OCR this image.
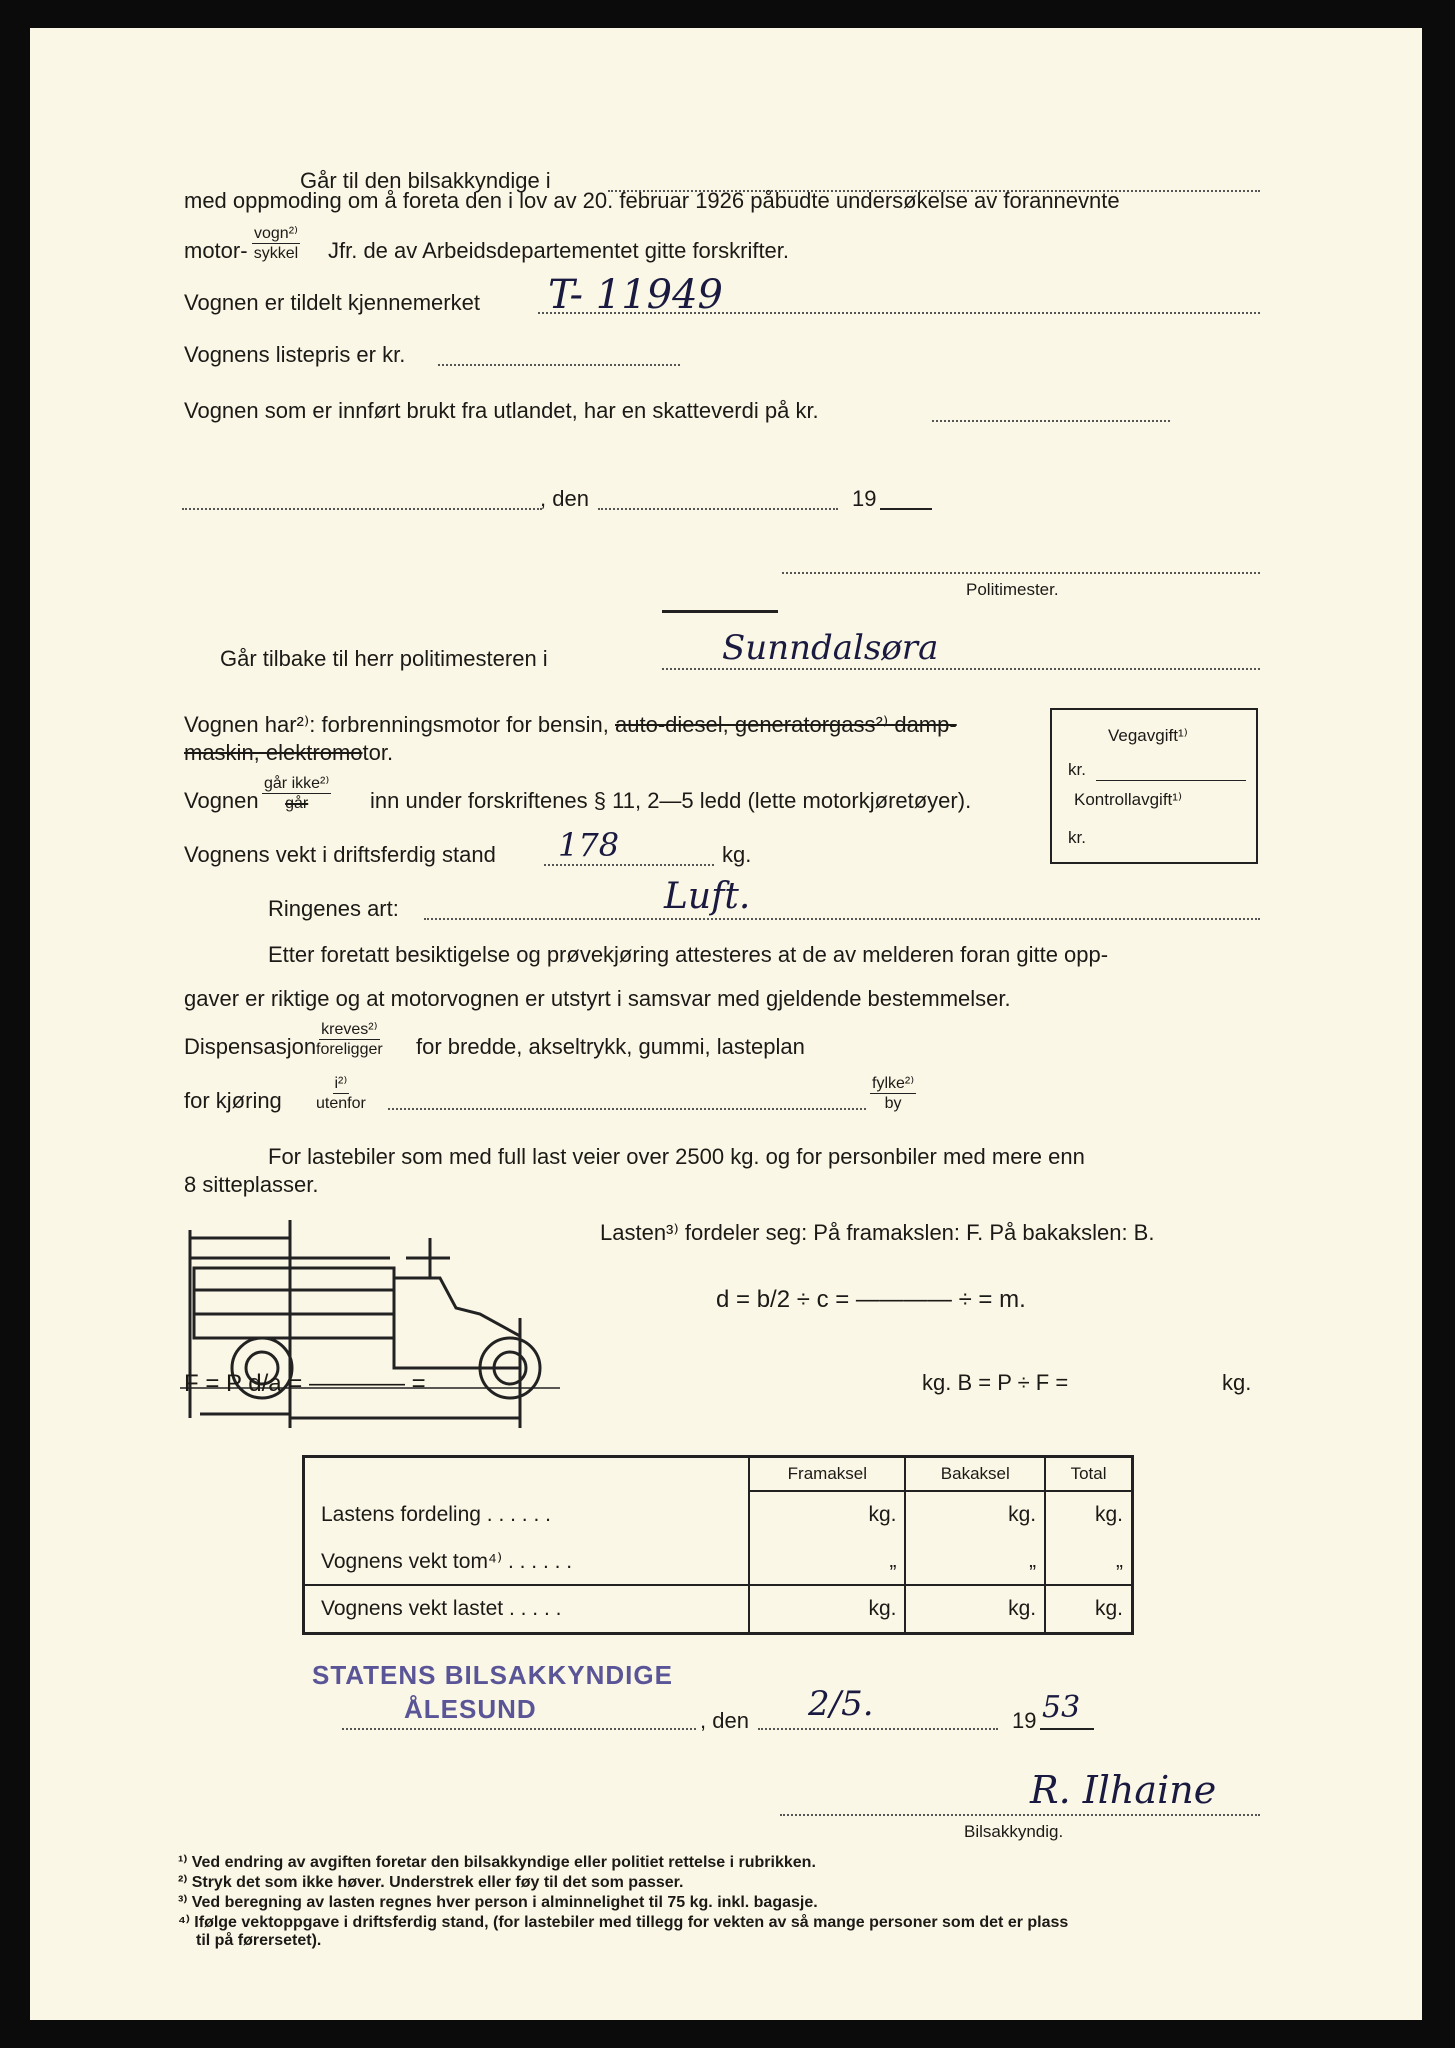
Går til den bilsakkyndige i
med oppmoding om å foreta den i lov av 20. februar 1926 påbudte undersøkelse av forannevnte
motor-
vogn²⁾
sykkel Jfr. de av Arbeidsdepartementet gitte forskrifter.
Vognen er tildelt kjennemerket T- 11949
Vognens listepris er kr.
Vognen som er innført brukt fra utlandet, har en skatteverdi på kr.
, den	19
Politimester.
Går tilbake til herr politimesteren i	Sunndalsøra
Vognen har²⁾: forbrenningsmotor for bensin, auto-diesel, generatorgass²⁾ damp-
maskin, elektromotor.
Vegavgift¹⁾
kr.
Kontrollavgift¹⁾
kr.
Vognen
går ikke²⁾
går	inn under forskriftenes § 11, 2—5 ledd (lette motorkjøretøyer).
Vognens vekt i driftsferdig stand 178	kg.
Ringenes art:	Luft.
Etter foretatt besiktigelse og prøvekjøring attesteres at de av melderen foran gitte opp-
gaver er riktige og at motorvognen er utstyrt i samsvar med gjeldende bestemmelser.
Dispensasjon
kreves²⁾
foreligger for bredde, akseltrykk, gummi, lasteplan
for kjøring
i²⁾
utenfor
fylke²⁾
by
For lastebiler som med full last veier over 2500 kg. og for personbiler med mere enn
8 sitteplasser.
Lasten³⁾ fordeler seg: På framakslen: F. På bakakslen: B.
d = b/2 ÷ c = ———— ÷ = m.
F = P d/a = ———— =	kg. B = P ÷ F =	kg.
	Framaksel	Bakaksel	Total
Lastens fordeling . . . . . .	kg.	kg.	kg.
Vognens vekt tom⁴⁾ . . . . . .	„	„	„
Vognens vekt lastet . . . . .	kg.	kg.	kg.
STATENS BILSAKKYNDIGE
ÅLESUND	, den 2/5.	19 53
R. Ilhaine
Bilsakkyndig.
¹⁾ Ved endring av avgiften foretar den bilsakkyndige eller politiet rettelse i rubrikken.
²⁾ Stryk det som ikke høver. Understrek eller føy til det som passer.
³⁾ Ved beregning av lasten regnes hver person i alminnelighet til 75 kg. inkl. bagasje.
⁴⁾ Ifølge vektoppgave i driftsferdig stand, (for lastebiler med tillegg for vekten av så mange personer som det er plass
til på førersetet).
